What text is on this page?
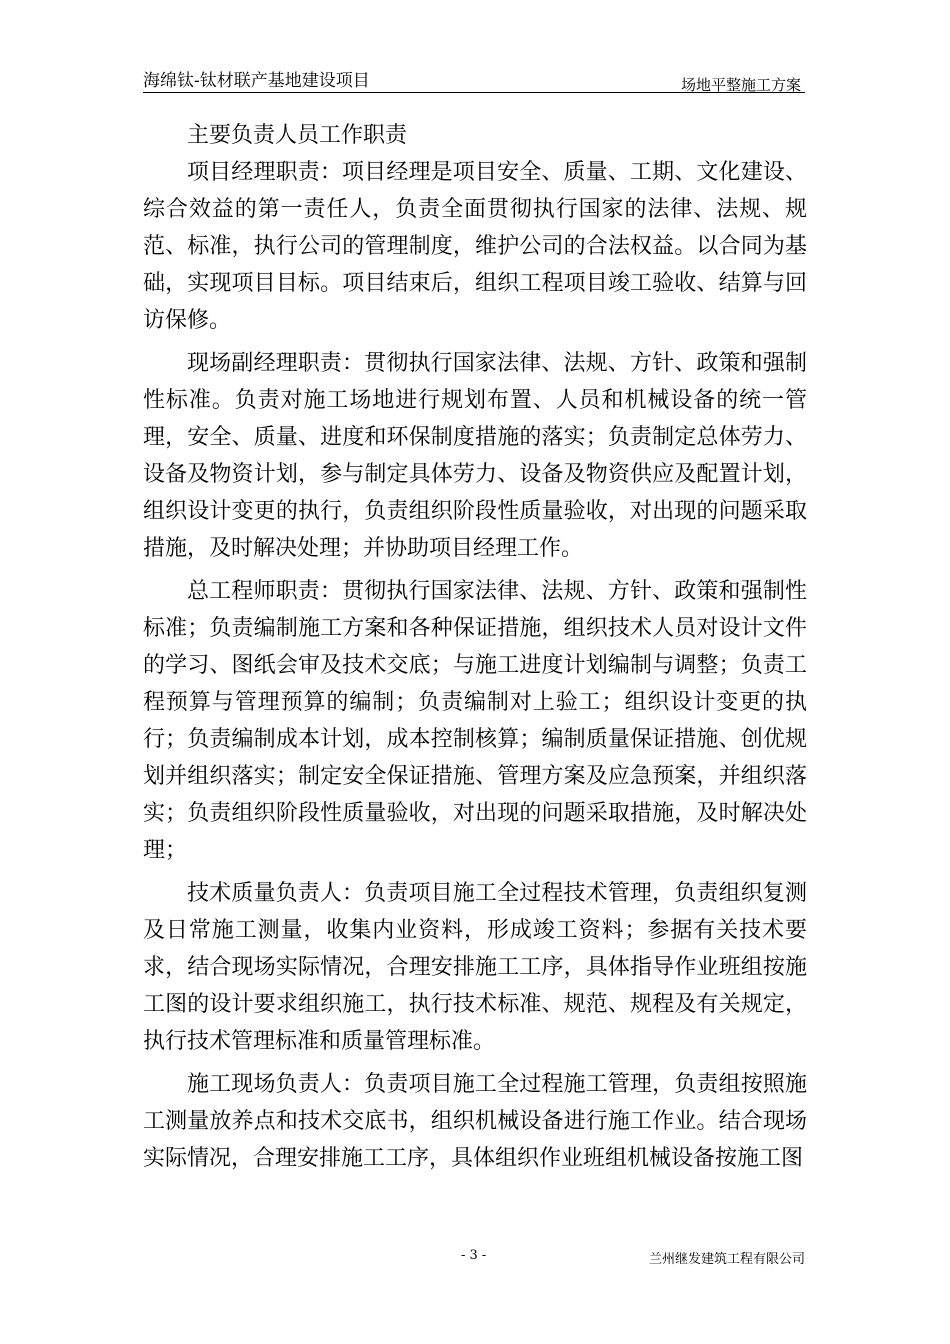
海绵钛-钛材联产基地建设项目	场地平整施工方案

主要负责人员工作职责

项目经理职责：项目经理是项目安全、质量、工期、文化建设、综合效益的第一责任人，负责全面贯彻执行国家的法律、法规、规范、标准，执行公司的管理制度，维护公司的合法权益。以合同为基础，实现项目目标。项目结束后，组织工程项目竣工验收、结算与回访保修。

现场副经理职责：贯彻执行国家法律、法规、方针、政策和强制性标准。负责对施工场地进行规划布置、人员和机械设备的统一管理，安全、质量、进度和环保制度措施的落实；负责制定总体劳力、设备及物资计划，参与制定具体劳力、设备及物资供应及配置计划，组织设计变更的执行，负责组织阶段性质量验收，对出现的问题采取措施，及时解决处理；并协助项目经理工作。

总工程师职责：贯彻执行国家法律、法规、方针、政策和强制性标准；负责编制施工方案和各种保证措施，组织技术人员对设计文件的学习、图纸会审及技术交底；与施工进度计划编制与调整；负责工程预算与管理预算的编制；负责编制对上验工；组织设计变更的执行；负责编制成本计划，成本控制核算；编制质量保证措施、创优规划并组织落实；制定安全保证措施、管理方案及应急预案，并组织落实；负责组织阶段性质量验收，对出现的问题采取措施，及时解决处理；

技术质量负责人：负责项目施工全过程技术管理，负责组织复测及日常施工测量，收集内业资料，形成竣工资料；参据有关技术要求，结合现场实际情况，合理安排施工工序，具体指导作业班组按施工图的设计要求组织施工，执行技术标准、规范、规程及有关规定，执行技术管理标准和质量管理标准。

施工现场负责人：负责项目施工全过程施工管理，负责组按照施工测量放养点和技术交底书，组织机械设备进行施工作业。结合现场实际情况，合理安排施工工序，具体组织作业班组机械设备按施工图

- 3 -	兰州继发建筑工程有限公司
